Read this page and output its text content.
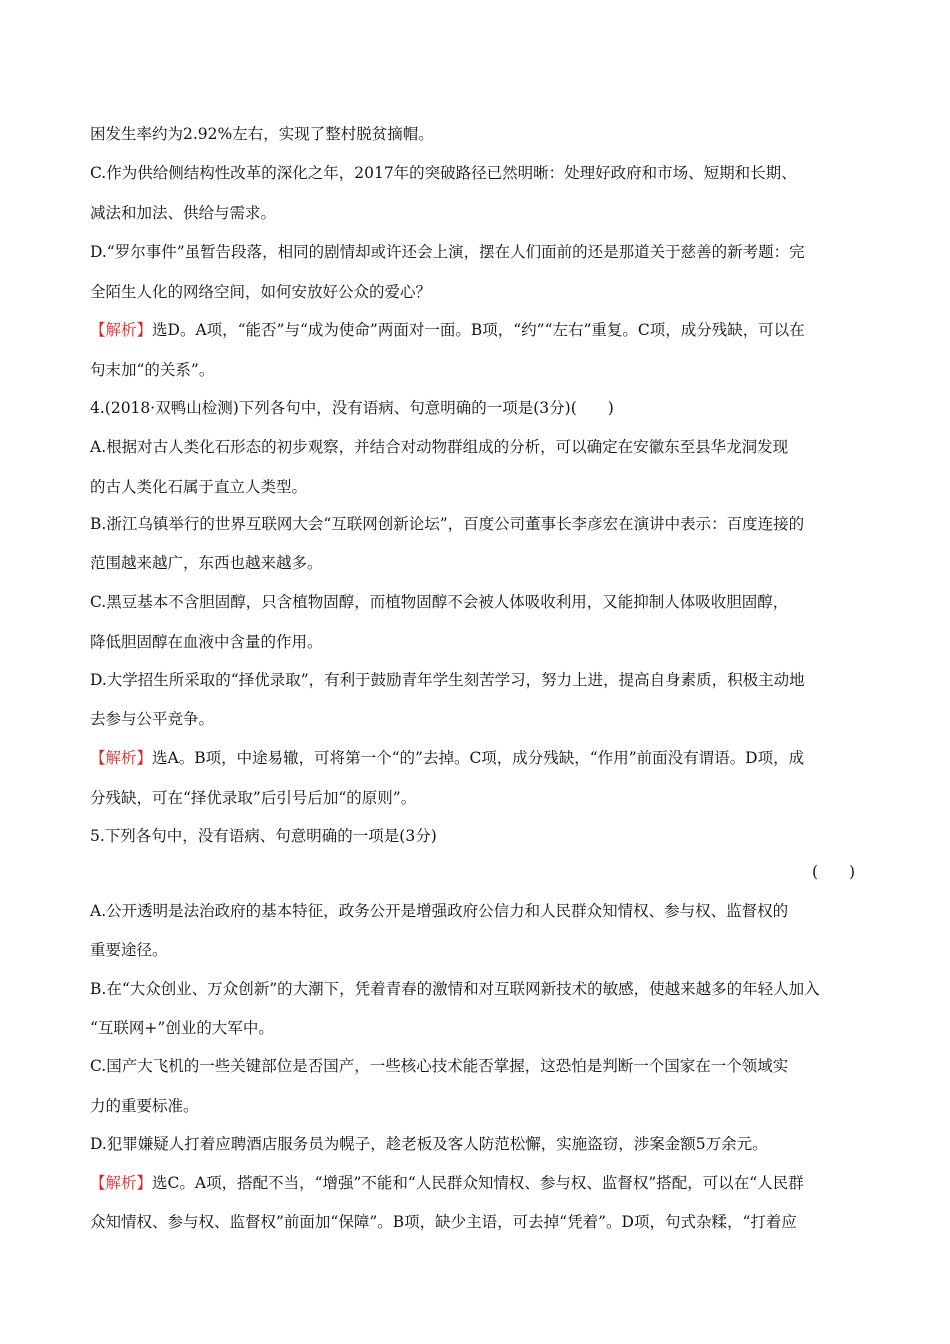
困发生率约为2.92%左右，实现了整村脱贫摘帽。
C.作为供给侧结构性改革的深化之年，2017年的突破路径已然明晰：处理好政府和市场、短期和长期、
减法和加法、供给与需求。
D.“罗尔事件”虽暂告段落，相同的剧情却或许还会上演，摆在人们面前的还是那道关于慈善的新考题：完
全陌生人化的网络空间，如何安放好公众的爱心？
【解析】选D。A项，“能否”与“成为使命”两面对一面。B项，“约”“左右”重复。C项，成分残缺，可以在
句末加“的关系”。
4.(2018·双鸭山检测)下列各句中，没有语病、句意明确的一项是(3分)(　　)
A.根据对古人类化石形态的初步观察，并结合对动物群组成的分析，可以确定在安徽东至县华龙洞发现
的古人类化石属于直立人类型。
B.浙江乌镇举行的世界互联网大会“互联网创新论坛”，百度公司董事长李彦宏在演讲中表示：百度连接的
范围越来越广，东西也越来越多。
C.黑豆基本不含胆固醇，只含植物固醇，而植物固醇不会被人体吸收利用，又能抑制人体吸收胆固醇，
降低胆固醇在血液中含量的作用。
D.大学招生所采取的“择优录取”，有利于鼓励青年学生刻苦学习，努力上进，提高自身素质，积极主动地
去参与公平竞争。
【解析】选A。B项，中途易辙，可将第一个“的”去掉。C项，成分残缺，“作用”前面没有谓语。D项，成
分残缺，可在“择优录取”后引号后加“的原则”。
5.下列各句中，没有语病、句意明确的一项是(3分)
(　　)
A.公开透明是法治政府的基本特征，政务公开是增强政府公信力和人民群众知情权、参与权、监督权的
重要途径。
B.在“大众创业、万众创新”的大潮下，凭着青春的激情和对互联网新技术的敏感，使越来越多的年轻人加入
“互联网+”创业的大军中。
C.国产大飞机的一些关键部位是否国产，一些核心技术能否掌握，这恐怕是判断一个国家在一个领域实
力的重要标准。
D.犯罪嫌疑人打着应聘酒店服务员为幌子，趁老板及客人防范松懈，实施盗窃，涉案金额5万余元。
【解析】选C。A项，搭配不当，“增强”不能和“人民群众知情权、参与权、监督权”搭配，可以在“人民群
众知情权、参与权、监督权”前面加“保障”。B项，缺少主语，可去掉“凭着”。D项，句式杂糅，“打着应
